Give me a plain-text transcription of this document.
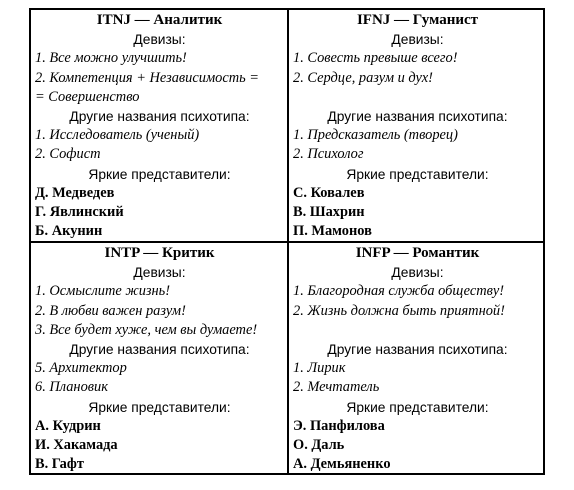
ITNJ — Аналитик
Девизы:
1. Все можно улучшить!
2. Компетенция + Независимость =
= Совершенство
Другие названия психотипа:
1. Исследователь (ученый)
2. Софист
Яркие представители:
Д. Медведев
Г. Явлинский
Б. Акунин
IFNJ — Гуманист
Девизы:
1. Совесть превыше всего!
2. Сердце, разум и дух!
Другие названия психотипа:
1. Предсказатель (творец)
2. Психолог
Яркие представители:
С. Ковалев
В. Шахрин
П. Мамонов
INTP — Критик
Девизы:
1. Осмыслите жизнь!
2. В любви важен разум!
3. Все будет хуже, чем вы думаете!
Другие названия психотипа:
5. Архитектор
6. Плановик
Яркие представители:
А. Кудрин
И. Хакамада
В. Гафт
INFP — Романтик
Девизы:
1. Благородная служба обществу!
2. Жизнь должна быть приятной!
Другие названия психотипа:
1. Лирик
2. Мечтатель
Яркие представители:
Э. Панфилова
О. Даль
А. Демьяненко
